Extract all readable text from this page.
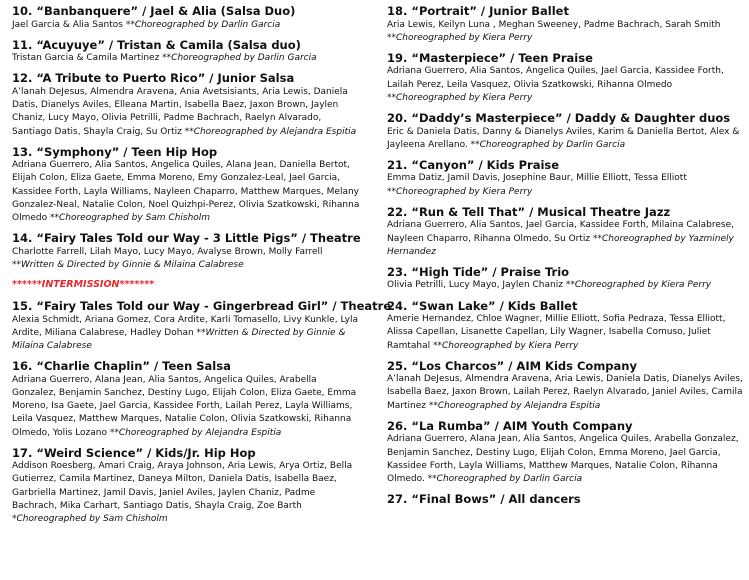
10. “Banbanquere” / Jael & Alia (Salsa Duo)
Jael Garcia & Alia Santos **Choreographed by Darlin Garcia
11. “Acuyuye” / Tristan & Camila (Salsa duo)
Tristan Garcia & Camila Martinez **Choreographed by Darlin Garcia
12. “A Tribute to Puerto Rico” / Junior Salsa
A’lanah DeJesus, Almendra Aravena, Ania Avetsisiants, Aria Lewis, Daniela Datis, Dianelys Aviles, Elleana Martin, Isabella Baez, Jaxon Brown, Jaylen Chaniz, Lucy Mayo, Olivia Petrilli, Padme Bachrach, Raelyn Alvarado, Santiago Datis, Shayla Craig, Su Ortiz **Choreographed by Alejandra Espitia
13. “Symphony” / Teen Hip Hop
Adriana Guerrero, Alia Santos, Angelica Quiles, Alana Jean, Daniella Bertot, Elijah Colon, Eliza Gaete, Emma Moreno, Emy Gonzalez-Leal, Jael Garcia, Kassidee Forth, Layla Williams, Nayleen Chaparro, Matthew Marques, Melany Gonzalez-Neal, Natalie Colon, Noel Quizhpi-Perez, Olivia Szatkowski, Rihanna Olmedo **Choreographed by Sam Chisholm
14. “Fairy Tales Told our Way - 3 Little Pigs” / Theatre
Charlotte Farrell, Lilah Mayo, Lucy Mayo, Avalyse Brown, Molly Farrell **Written & Directed by Ginnie & Milaina Calabrese
******INTERMISSION*******
15. “Fairy Tales Told our Way - Gingerbread Girl” / Theatre
Alexia Schmidt, Ariana Gomez, Cora Ardite, Karli Tomasello, Livy Kunkle, Lyla Ardite, Miliana Calabrese, Hadley Dohan **Written & Directed by Ginnie & Milaina Calabrese
16. “Charlie Chaplin” / Teen Salsa
Adriana Guerrero, Alana Jean, Alia Santos, Angelica Quiles, Arabella Gonzalez, Benjamin Sanchez, Destiny Lugo, Elijah Colon, Eliza Gaete, Emma Moreno, Isa Gaete, Jael Garcia, Kassidee Forth, Lailah Perez, Layla Williams, Leila Vasquez, Matthew Marques, Natalie Colon, Olivia Szatkowski, Rihanna Olmedo, Yolis Lozano **Choreographed by Alejandra Espitia
17. “Weird Science” / Kids/Jr. Hip Hop
Addison Roesberg, Amari Craig, Araya Johnson, Aria Lewis, Arya Ortiz, Bella Gutierrez, Camila Martinez, Daneya Milton, Daniela Datis, Isabella Baez, Garbriella Martinez, Jamil Davis, Janiel Aviles, Jaylen Chaniz, Padme Bachrach, Mika Carhart, Santiago Datis, Shayla Craig, Zoe Barth *Choreographed by Sam Chisholm
18. “Portrait” / Junior Ballet
Aria Lewis, Keilyn Luna , Meghan Sweeney, Padme Bachrach, Sarah Smith **Choreographed by Kiera Perry
19. “Masterpiece” / Teen Praise
Adriana Guerrero, Alia Santos, Angelica Quiles, Jael Garcia, Kassidee Forth, Lailah Perez, Leila Vasquez, Olivia Szatkowski, Rihanna Olmedo **Choreographed by Kiera Perry
20. “Daddy’s Masterpiece” / Daddy & Daughter duos
Eric & Daniela Datis, Danny & Dianelys Aviles, Karim & Daniella Bertot, Alex & Jayleena Arellano. **Choreographed by Darlin Garcia
21. “Canyon” / Kids Praise
Emma Datiz, Jamil Davis, Josephine Baur, Millie Elliott, Tessa Elliott **Choreographed by Kiera Perry
22. “Run & Tell That” / Musical Theatre Jazz
Adriana Guerrero, Alia Santos, Jael Garcia, Kassidee Forth, Milaina Calabrese, Nayleen Chaparro, Rihanna Olmedo, Su Ortiz **Choreographed by Yazminely Hernandez
23. “High Tide” / Praise Trio
Olivia Petrilli, Lucy Mayo, Jaylen Chaniz **Choreographed by Kiera Perry
24. “Swan Lake” / Kids Ballet
Amerie Hernandez, Chloe Wagner, Millie Elliott, Sofia Pedraza, Tessa Elliott, Alissa Capellan, Lisanette Capellan, Lily Wagner, Isabella Comuso, Juliet Ramtahal **Choreographed by Kiera Perry
25. “Los Charcos” / AIM Kids Company
A’lanah DeJesus, Almendra Aravena, Aria Lewis, Daniela Datis, Dianelys Aviles, Isabella Baez, Jaxon Brown, Lailah Perez, Raelyn Alvarado, Janiel Aviles, Camila Martinez **Choreographed by Alejandra Espitia
26. “La Rumba” / AIM Youth Company
Adriana Guerrero, Alana Jean, Alia Santos, Angelica Quiles, Arabella Gonzalez, Benjamin Sanchez, Destiny Lugo, Elijah Colon, Emma Moreno, Jael Garcia, Kassidee Forth, Layla Williams, Matthew Marques, Natalie Colon, Rihanna Olmedo. **Choreographed by Darlin Garcia
27. “Final Bows” / All dancers
